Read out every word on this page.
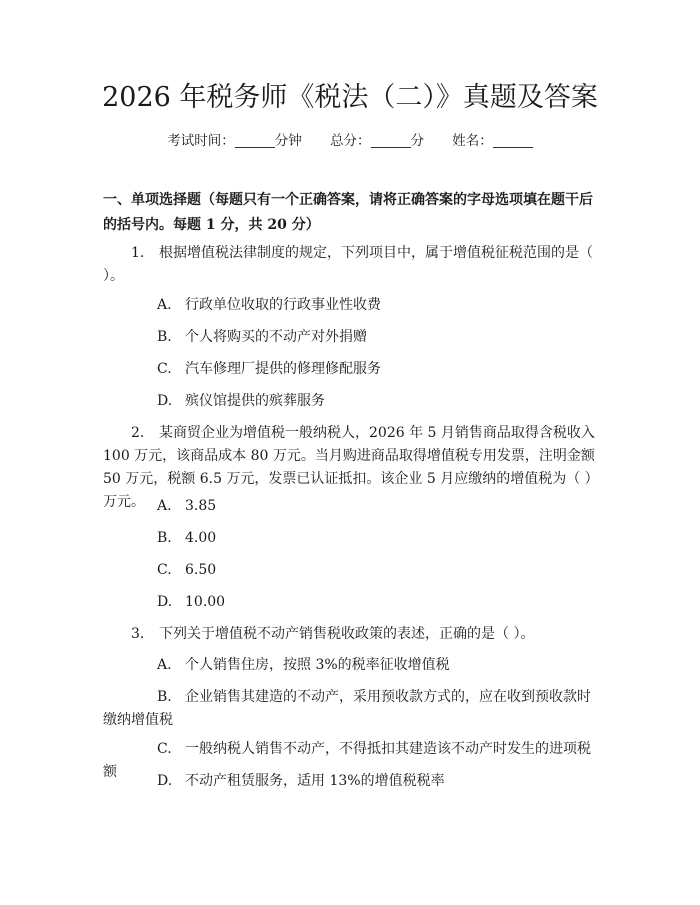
2026 年税务师《税法（二）》真题及答案
考试时间：	分钟 总分：	分 姓名：
一、单项选择题（每题只有一个正确答案，请将正确答案的字母选项填在题干后的括号内。每题 1 分，共 20 分）
1. 根据增值税法律制度的规定，下列项目中，属于增值税征税范围的是（ ）。
A. 行政单位收取的行政事业性收费
B. 个人将购买的不动产对外捐赠
C. 汽车修理厂提供的修理修配服务
D. 殡仪馆提供的殡葬服务
2. 某商贸企业为增值税一般纳税人，2026 年 5 月销售商品取得含税收入 100 万元，该商品成本 80 万元。当月购进商品取得增值税专用发票，注明金额 50 万元，税额 6.5 万元，发票已认证抵扣。该企业 5 月应缴纳的增值税为（ ）万元。 A. 3.85
B. 4.00
C. 6.50
D. 10.00
3. 下列关于增值税不动产销售税收政策的表述，正确的是（ ）。
A. 个人销售住房，按照 3%的税率征收增值税
B. 企业销售其建造的不动产，采用预收款方式的，应在收到预收款时缴纳增值税
C. 一般纳税人销售不动产，不得抵扣其建造该不动产时发生的进项税额
D. 不动产租赁服务，适用 13%的增值税税率
